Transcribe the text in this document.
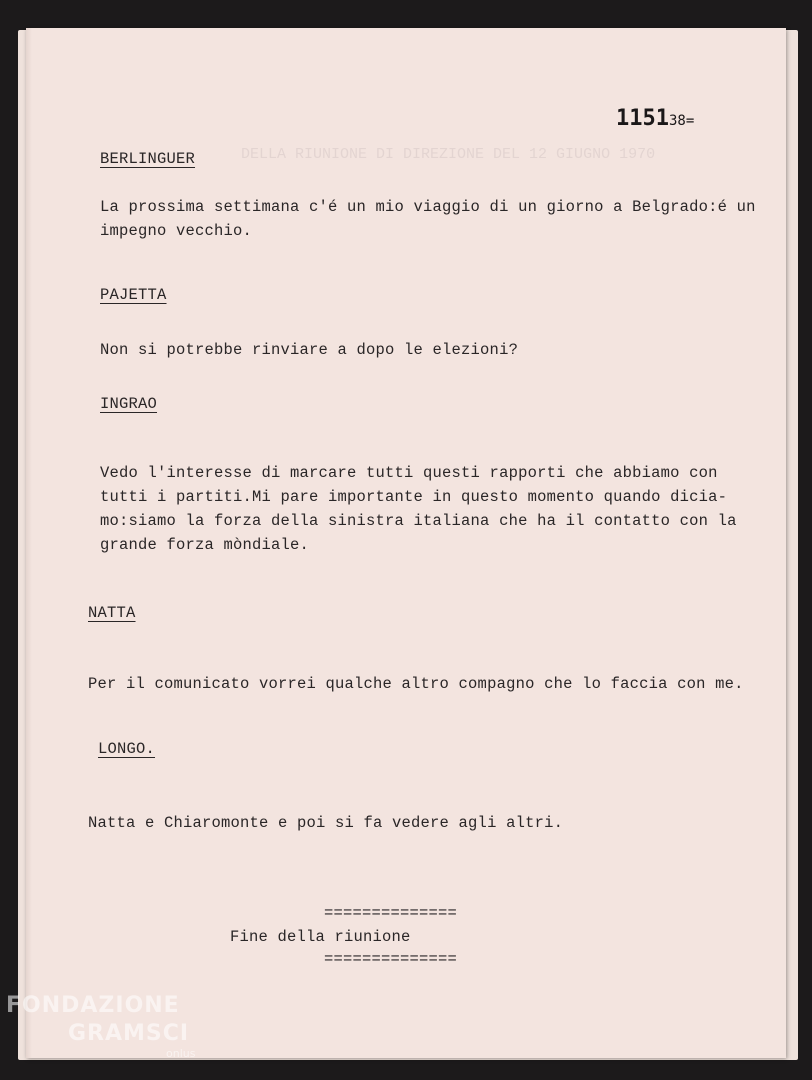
DELLA RIUNIONE DI DIREZIONE DEL 12 GIUGNO 1970
115138=
BERLINGUER
La prossima settimana c'é un mio viaggio di un giorno a Belgrado:é un
impegno vecchio.
PAJETTA
Non si potrebbe rinviare a dopo le elezioni?
INGRAO
Vedo l'interesse di marcare tutti questi rapporti che abbiamo con
tutti i partiti.Mi pare importante in questo momento quando dicia-
mo:siamo la forza della sinistra italiana che ha il contatto con la
grande forza mòndiale.
NATTA
Per il comunicato vorrei qualche altro compagno che lo faccia con me.
LONGO.
Natta e Chiaromonte e poi si fa vedere agli altri.
==============
Fine della riunione
==============
FONDAZIONE
GRAMSCI
onlus
